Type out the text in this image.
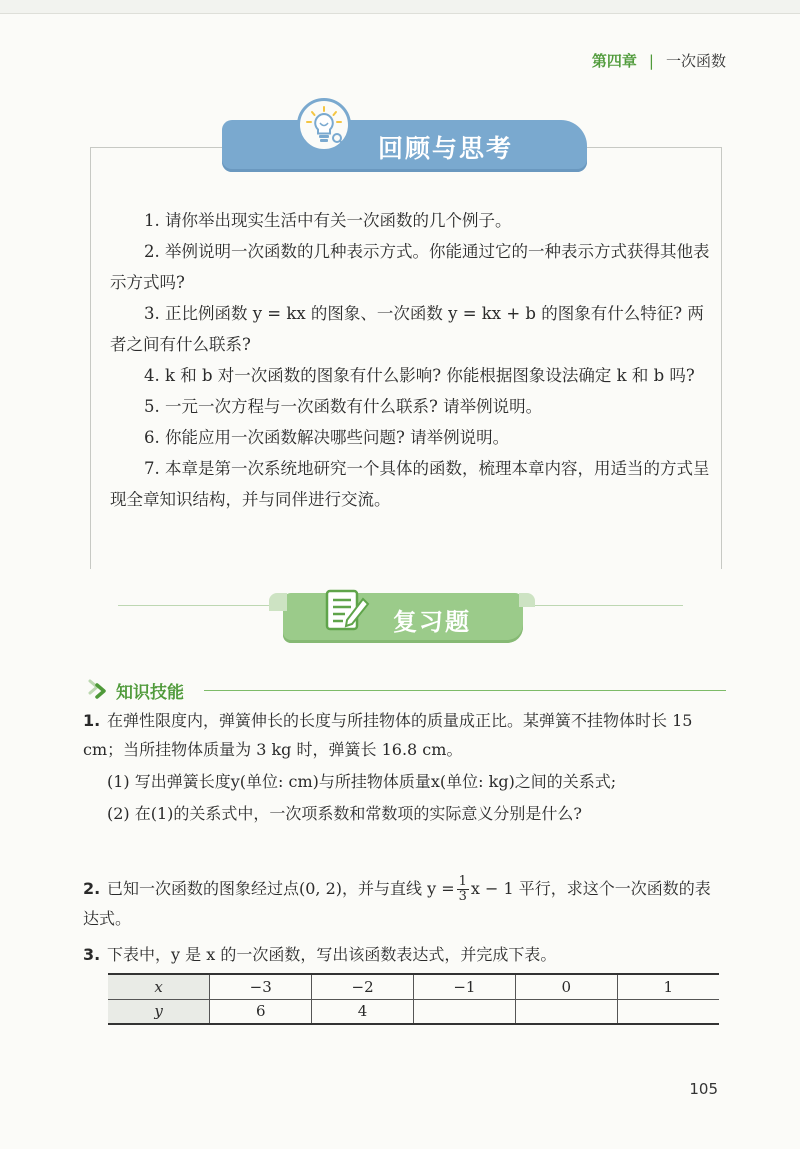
第四章 | 一次函数
回顾与思考

1. 请你举出现实生活中有关一次函数的几个例子。

2. 举例说明一次函数的几种表示方式。你能通过它的一种表示方式获得其他表示方式吗?

3. 正比例函数 y = kx 的图象、一次函数 y = kx + b 的图象有什么特征? 两者之间有什么联系?

4. k 和 b 对一次函数的图象有什么影响? 你能根据图象设法确定 k 和 b 吗?

5. 一元一次方程与一次函数有什么联系? 请举例说明。

6. 你能应用一次函数解决哪些问题? 请举例说明。

7. 本章是第一次系统地研究一个具体的函数，梳理本章内容，用适当的方式呈现全章知识结构，并与同伴进行交流。

复习题
知识技能
1. 在弹性限度内，弹簧伸长的长度与所挂物体的质量成正比。某弹簧不挂物体时长 15 cm；当所挂物体质量为 3 kg 时，弹簧长 16.8 cm。
(1) 写出弹簧长度y(单位: cm)与所挂物体质量x(单位: kg)之间的关系式;
(2) 在(1)的关系式中，一次项系数和常数项的实际意义分别是什么?
2. 已知一次函数的图象经过点(0, 2)，并与直线 $y = \frac{1}{3}$ x − 1 平行，求这个一次函数的表达式。
3. 下表中，y 是 x 的一次函数，写出该函数表达式，并完成下表。
x	−3	−2	−1	0	1
y	6	4			
105
